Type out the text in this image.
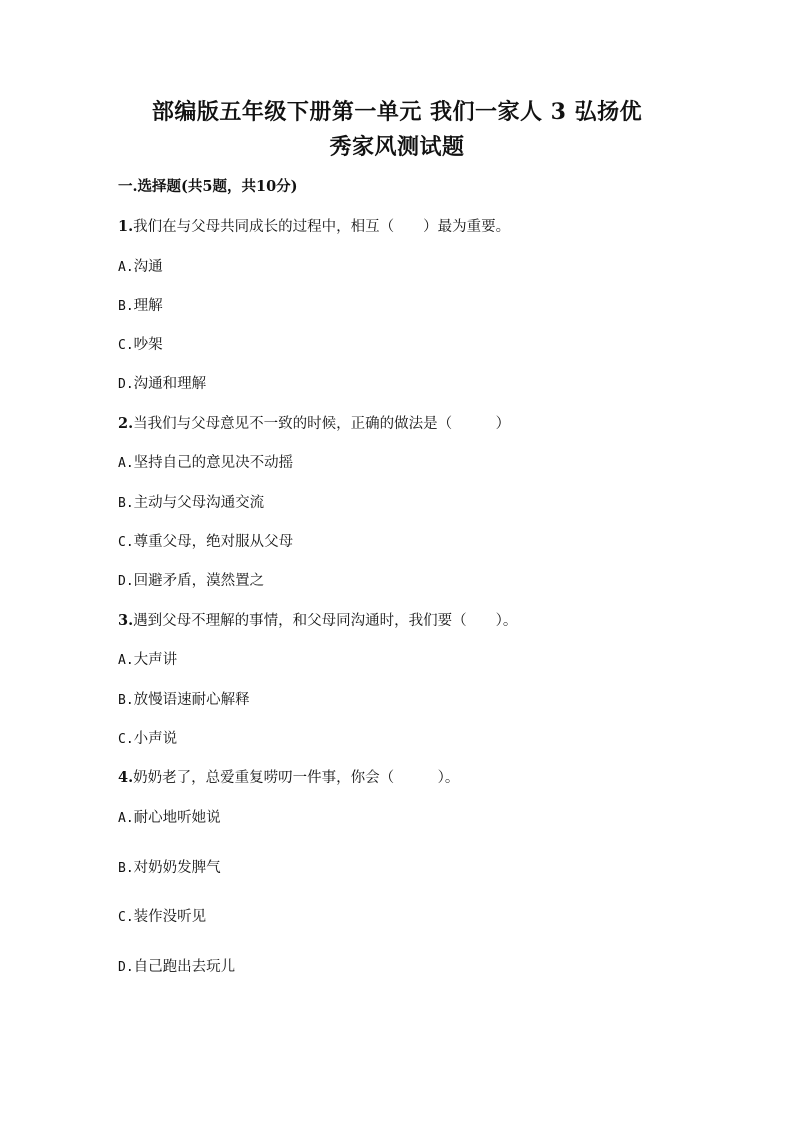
部编版五年级下册第一单元 我们一家人 3 弘扬优
秀家风测试题
一.选择题(共5题，共10分)
1.我们在与父母共同成长的过程中，相互（　　 ）最为重要。
A.沟通
B.理解
C.吵架
D.沟通和理解
2.当我们与父母意见不一致的时候，正确的做法是（　　　	）
A.坚持自己的意见决不动摇
B.主动与父母沟通交流
C.尊重父母，绝对服从父母
D.回避矛盾，漠然置之
3.遇到父母不理解的事情，和父母同沟通时，我们要（　　 ）。
A.大声讲
B.放慢语速耐心解释
C.小声说
4.奶奶老了，总爱重复唠叨一件事，你会（　　　	）。
A.耐心地听她说
B.对奶奶发脾气
C.装作没听见
D.自己跑出去玩儿
